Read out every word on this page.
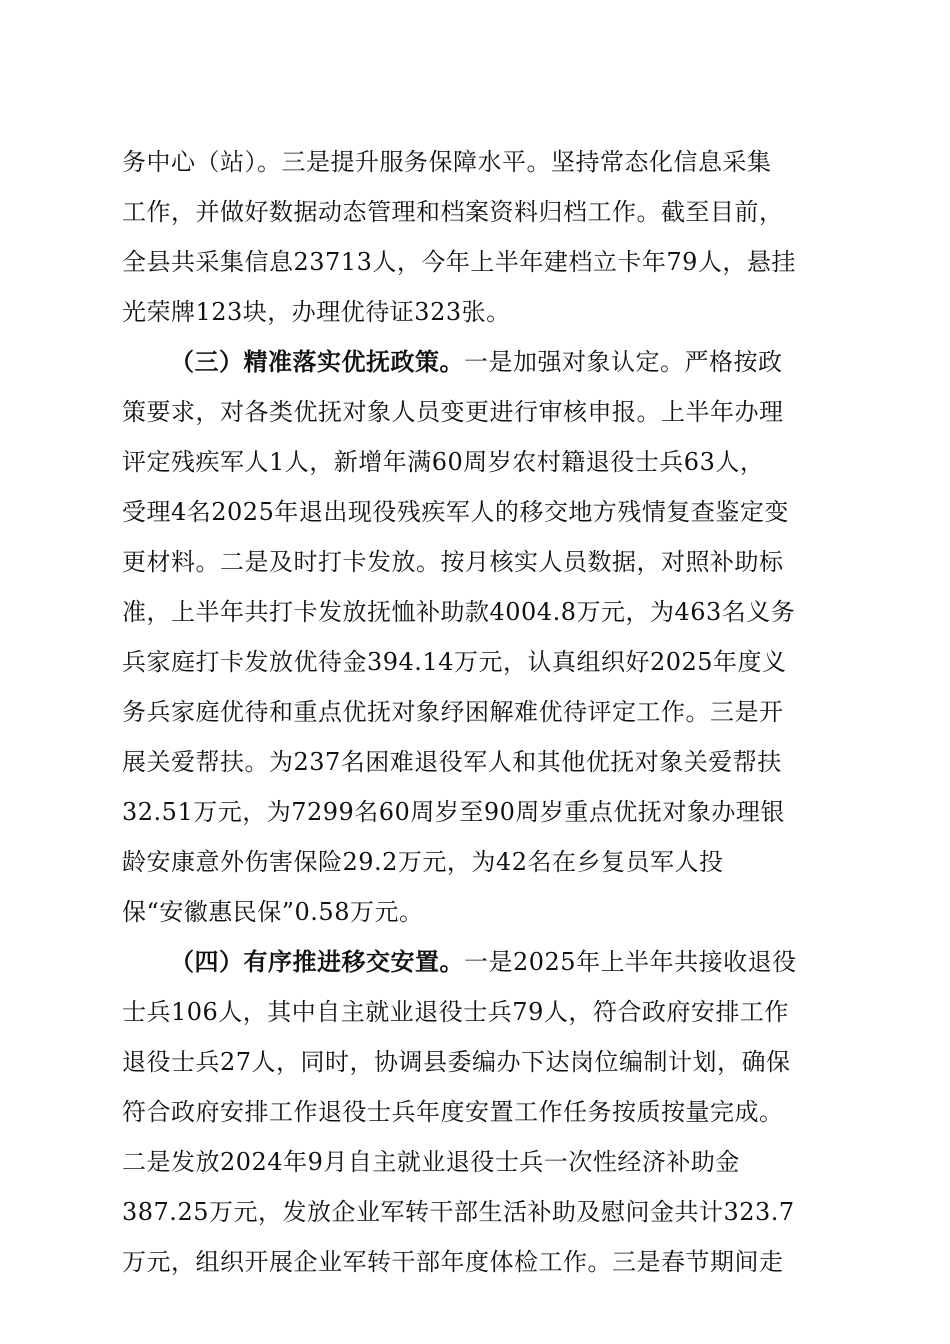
务中心（站）。三是提升服务保障水平。坚持常态化信息采集
工作，并做好数据动态管理和档案资料归档工作。截至目前，
全县共采集信息23713人，今年上半年建档立卡年79人，悬挂
光荣牌123块，办理优待证323张。
（三）精准落实优抚政策。一是加强对象认定。严格按政
策要求，对各类优抚对象人员变更进行审核申报。上半年办理
评定残疾军人1人，新增年满60周岁农村籍退役士兵63人，
受理4名2025年退出现役残疾军人的移交地方残情复查鉴定变
更材料。二是及时打卡发放。按月核实人员数据，对照补助标
准，上半年共打卡发放抚恤补助款4004.8万元，为463名义务
兵家庭打卡发放优待金394.14万元，认真组织好2025年度义
务兵家庭优待和重点优抚对象纾困解难优待评定工作。三是开
展关爱帮扶。为237名困难退役军人和其他优抚对象关爱帮扶
32.51万元，为7299名60周岁至90周岁重点优抚对象办理银
龄安康意外伤害保险29.2万元，为42名在乡复员军人投
保“安徽惠民保”0.58万元。
（四）有序推进移交安置。一是2025年上半年共接收退役
士兵106人，其中自主就业退役士兵79人，符合政府安排工作
退役士兵27人，同时，协调县委编办下达岗位编制计划，确保
符合政府安排工作退役士兵年度安置工作任务按质按量完成。
二是发放2024年9月自主就业退役士兵一次性经济补助金
387.25万元，发放企业军转干部生活补助及慰问金共计323.7
万元，组织开展企业军转干部年度体检工作。三是春节期间走
